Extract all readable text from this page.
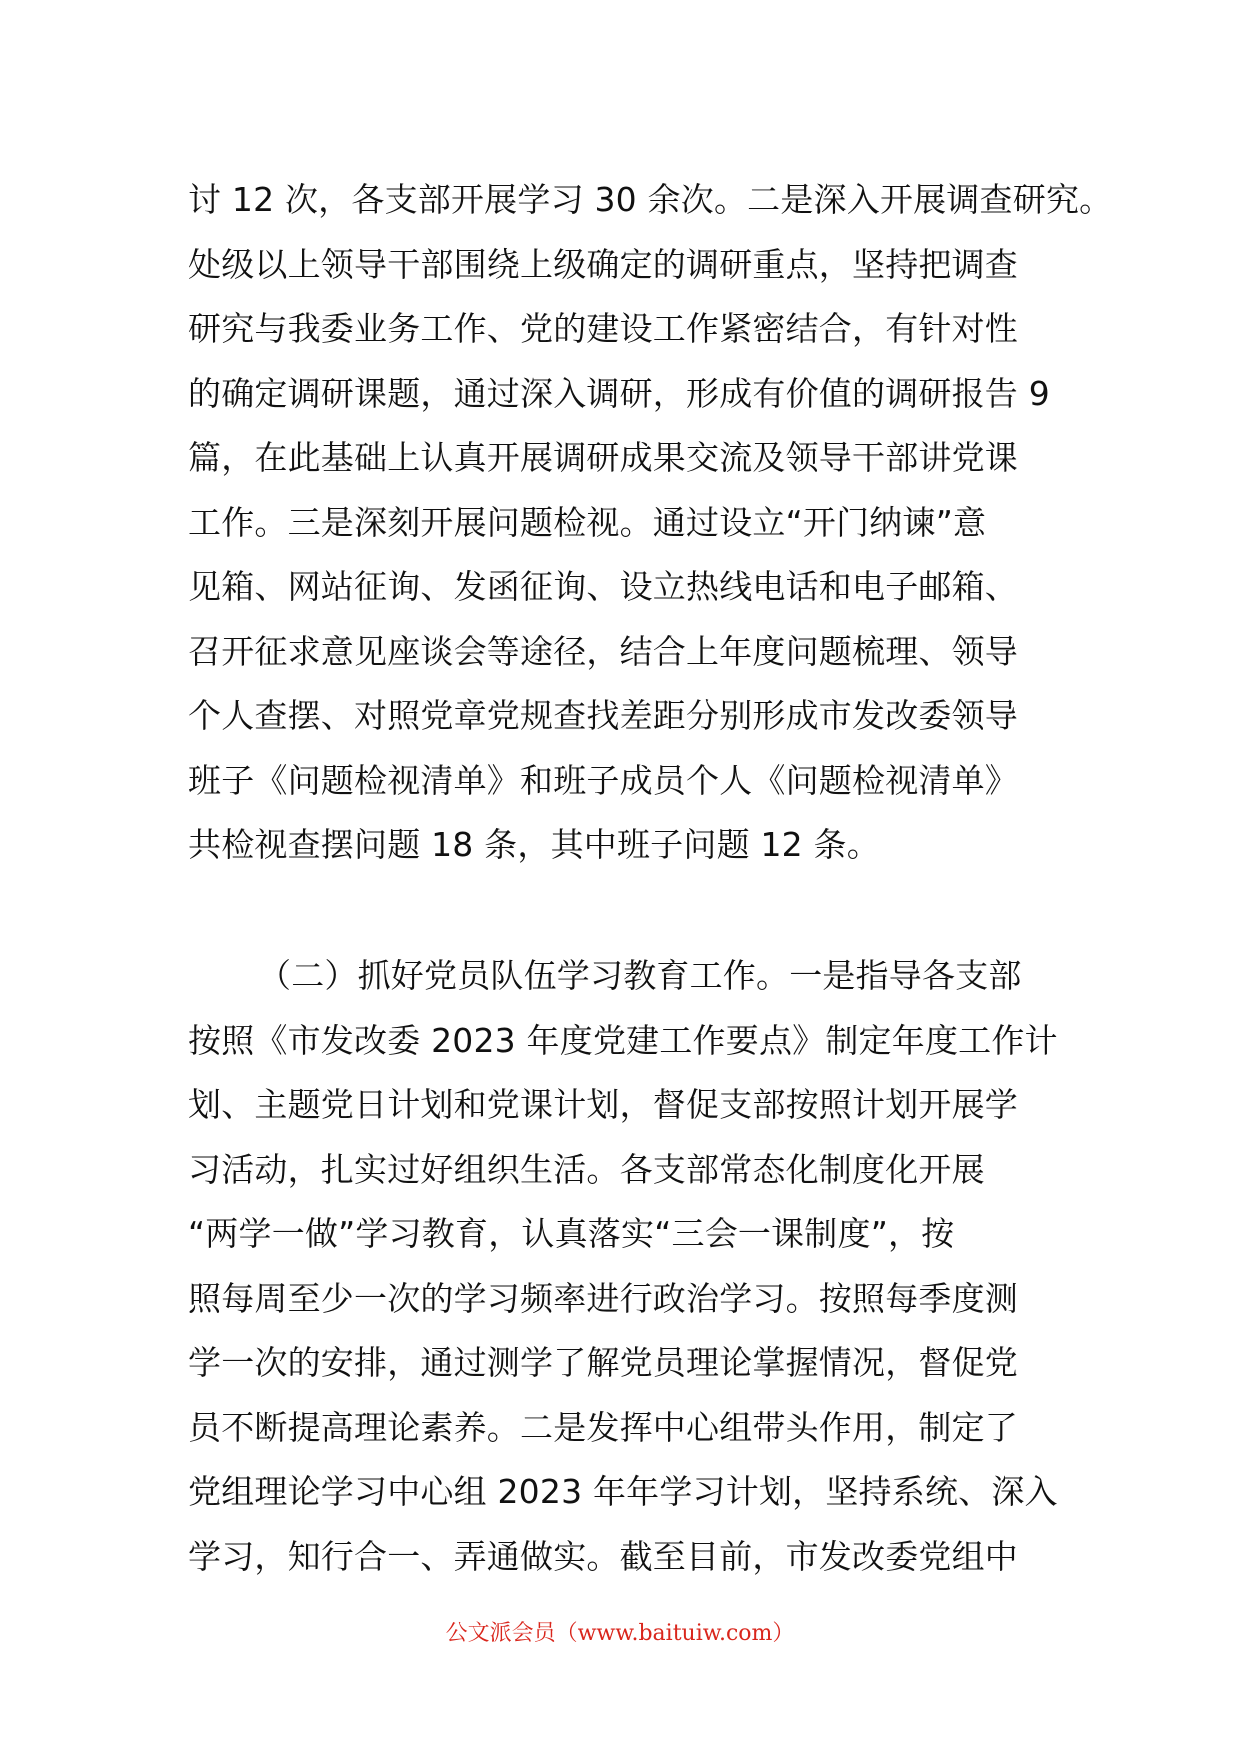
讨 12 次，各支部开展学习 30 余次。二是深入开展调查研究。
处级以上领导干部围绕上级确定的调研重点，坚持把调查
研究与我委业务工作、党的建设工作紧密结合，有针对性
的确定调研课题，通过深入调研，形成有价值的调研报告 9
篇，在此基础上认真开展调研成果交流及领导干部讲党课
工作。三是深刻开展问题检视。通过设立“开门纳谏”意
见箱、网站征询、发函征询、设立热线电话和电子邮箱、
召开征求意见座谈会等途径，结合上年度问题梳理、领导
个人查摆、对照党章党规查找差距分别形成市发改委领导
班子《问题检视清单》和班子成员个人《问题检视清单》
共检视查摆问题 18 条，其中班子问题 12 条。
（二）抓好党员队伍学习教育工作。一是指导各支部
按照《市发改委 2023 年度党建工作要点》制定年度工作计
划、主题党日计划和党课计划，督促支部按照计划开展学
习活动，扎实过好组织生活。各支部常态化制度化开展
“两学一做”学习教育，认真落实“三会一课制度”，按
照每周至少一次的学习频率进行政治学习。按照每季度测
学一次的安排，通过测学了解党员理论掌握情况，督促党
员不断提高理论素养。二是发挥中心组带头作用，制定了
党组理论学习中心组 2023 年年学习计划，坚持系统、深入
学习，知行合一、弄通做实。截至目前，市发改委党组中
公文派会员（www.baituiw.com）
